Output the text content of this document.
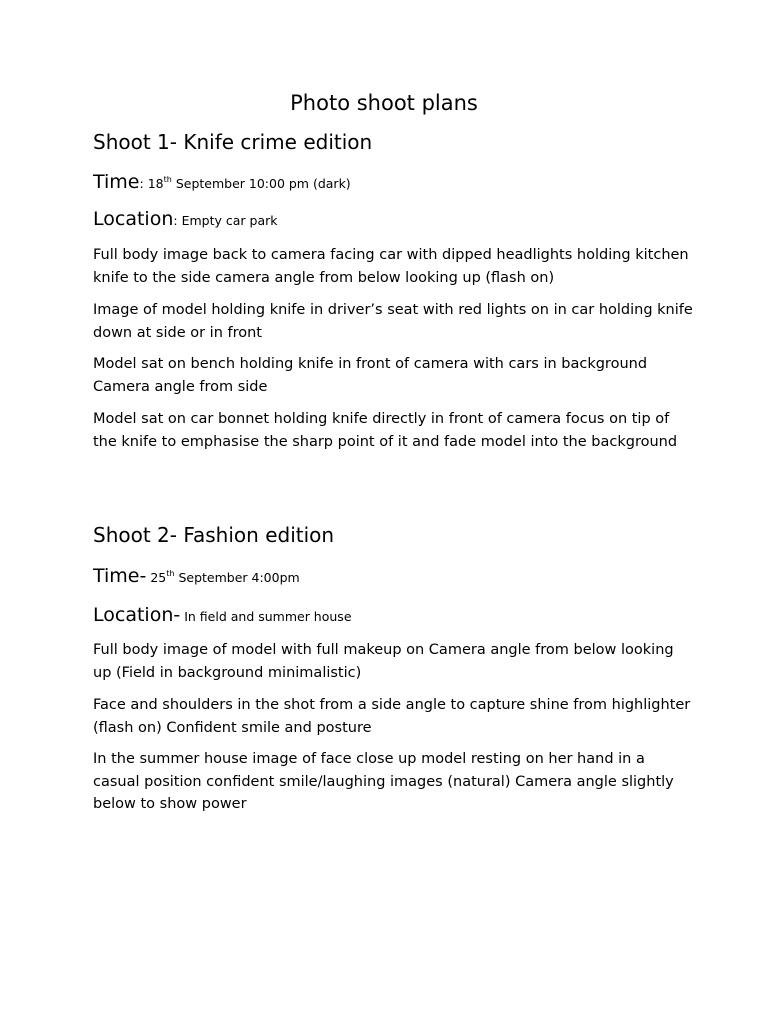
Photo shoot plans
Shoot 1- Knife crime edition

Time: 18th September 10:00 pm (dark)

Location: Empty car park

Full body image back to camera facing car with dipped headlights holding kitchen knife to the side camera angle from below looking up (flash on)

Image of model holding knife in driver’s seat with red lights on in car holding knife down at side or in front

Model sat on bench holding knife in front of camera with cars in background Camera angle from side

Model sat on car bonnet holding knife directly in front of camera focus on tip of the knife to emphasise the sharp point of it and fade model into the background

Shoot 2- Fashion edition

Time- 25th September 4:00pm

Location- In field and summer house

Full body image of model with full makeup on Camera angle from below looking up (Field in background minimalistic)

Face and shoulders in the shot from a side angle to capture shine from highlighter (flash on) Confident smile and posture

In the summer house image of face close up model resting on her hand in a casual position confident smile/laughing images (natural) Camera angle slightly below to show power
